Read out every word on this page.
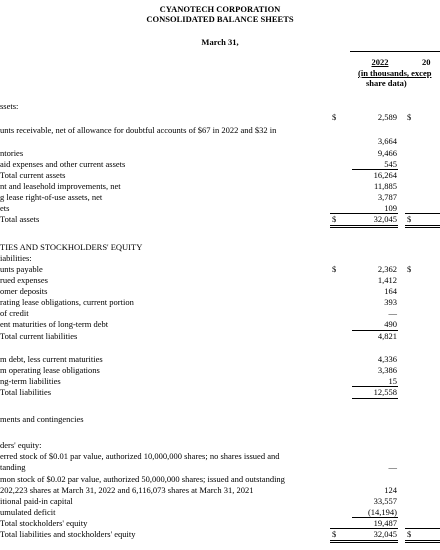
CYANOTECH CORPORATION
CONSOLIDATED BALANCE SHEETS
March 31,
2022	20
(in thousands, excep
share data)
ssets:
unts receivable, net of allowance for doubtful accounts of $67 in 2022 and $32 in
ntories
aid expenses and other current assets
Total current assets
nt and leasehold improvements, net
g lease right-of-use assets, net
ets
Total assets
TIES AND STOCKHOLDERS' EQUITY
iabilities:
unts payable
rued expenses
omer deposits
rating lease obligations, current portion
of credit
ent maturities of long-term debt
Total current liabilities
m debt, less current maturities
m operating lease obligations
ng-term liabilities
Total liabilities
ments and contingencies
ders' equity:
erred stock of $0.01 par value, authorized 10,000,000 shares; no shares issued and
tanding
mon stock of $0.02 par value, authorized 50,000,000 shares; issued and outstanding
202,223 shares at March 31, 2022 and 6,116,073 shares at March 31, 2021
itional paid-in capital
umulated deficit
Total stockholders' equity
Total liabilities and stockholders' equity
$
$
$
$
$
$
$
$
2,589
3,664
9,466
545
16,264
11,885
3,787
109
32,045
2,362
1,412
164
393
—
490
4,821
4,336
3,386
15
12,558
—
124
33,557
(14,194)
19,487
32,045
